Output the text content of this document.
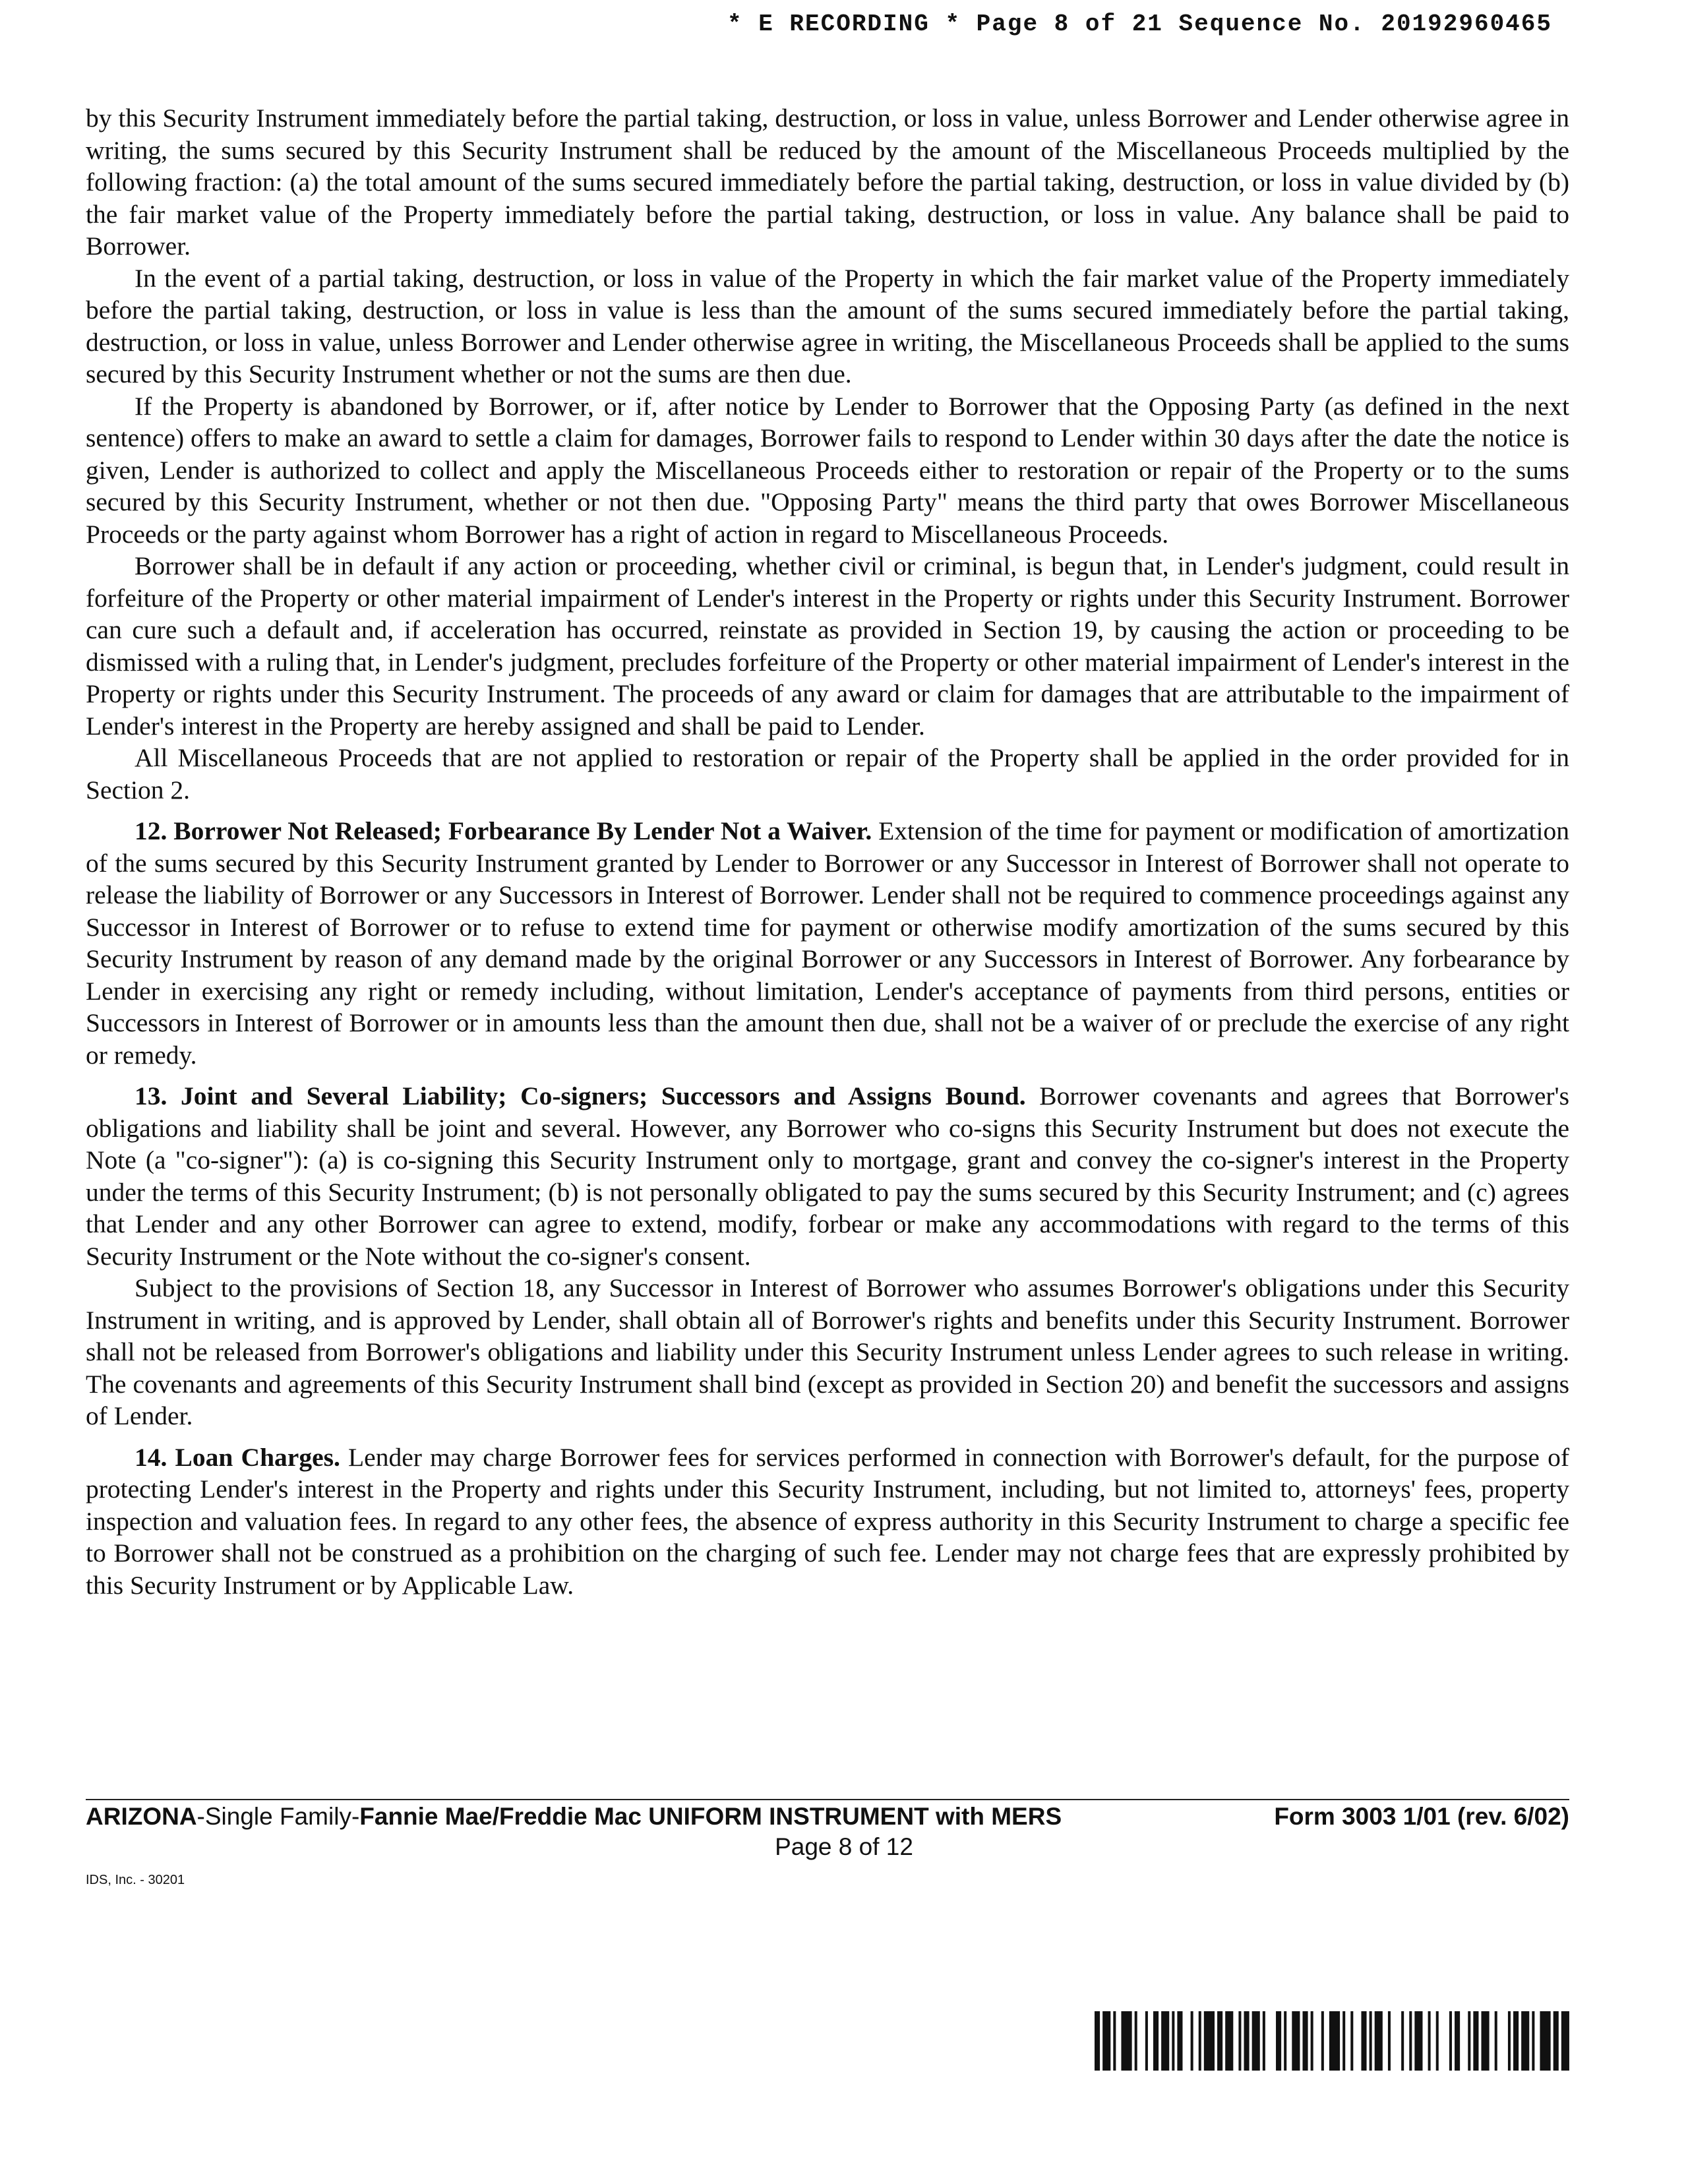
* E RECORDING * Page 8 of 21 Sequence No. 20192960465

by this Security Instrument immediately before the partial taking, destruction, or loss in value, unless Borrower and Lender otherwise agree in writing, the sums secured by this Security Instrument shall be reduced by the amount of the Miscellaneous Proceeds multiplied by the following fraction: (a) the total amount of the sums secured immediately before the partial taking, destruction, or loss in value divided by (b) the fair market value of the Property immediately before the partial taking, destruction, or loss in value. Any balance shall be paid to Borrower.

In the event of a partial taking, destruction, or loss in value of the Property in which the fair market value of the Property immediately before the partial taking, destruction, or loss in value is less than the amount of the sums secured immediately before the partial taking, destruction, or loss in value, unless Borrower and Lender otherwise agree in writing, the Miscellaneous Proceeds shall be applied to the sums secured by this Security Instrument whether or not the sums are then due.

If the Property is abandoned by Borrower, or if, after notice by Lender to Borrower that the Opposing Party (as defined in the next sentence) offers to make an award to settle a claim for damages, Borrower fails to respond to Lender within 30 days after the date the notice is given, Lender is authorized to collect and apply the Miscellaneous Proceeds either to restoration or repair of the Property or to the sums secured by this Security Instrument, whether or not then due. "Opposing Party" means the third party that owes Borrower Miscellaneous Proceeds or the party against whom Borrower has a right of action in regard to Miscellaneous Proceeds.

Borrower shall be in default if any action or proceeding, whether civil or criminal, is begun that, in Lender's judgment, could result in forfeiture of the Property or other material impairment of Lender's interest in the Property or rights under this Security Instrument. Borrower can cure such a default and, if acceleration has occurred, reinstate as provided in Section 19, by causing the action or proceeding to be dismissed with a ruling that, in Lender's judgment, precludes forfeiture of the Property or other material impairment of Lender's interest in the Property or rights under this Security Instrument. The proceeds of any award or claim for damages that are attributable to the impairment of Lender's interest in the Property are hereby assigned and shall be paid to Lender.

All Miscellaneous Proceeds that are not applied to restoration or repair of the Property shall be applied in the order provided for in Section 2.

12. Borrower Not Released; Forbearance By Lender Not a Waiver. Extension of the time for payment or modification of amortization of the sums secured by this Security Instrument granted by Lender to Borrower or any Successor in Interest of Borrower shall not operate to release the liability of Borrower or any Successors in Interest of Borrower. Lender shall not be required to commence proceedings against any Successor in Interest of Borrower or to refuse to extend time for payment or otherwise modify amortization of the sums secured by this Security Instrument by reason of any demand made by the original Borrower or any Successors in Interest of Borrower. Any forbearance by Lender in exercising any right or remedy including, without limitation, Lender's acceptance of payments from third persons, entities or Successors in Interest of Borrower or in amounts less than the amount then due, shall not be a waiver of or preclude the exercise of any right or remedy.

13. Joint and Several Liability; Co-signers; Successors and Assigns Bound. Borrower covenants and agrees that Borrower's obligations and liability shall be joint and several. However, any Borrower who co-signs this Security Instrument but does not execute the Note (a "co-signer"): (a) is co-signing this Security Instrument only to mortgage, grant and convey the co-signer's interest in the Property under the terms of this Security Instrument; (b) is not personally obligated to pay the sums secured by this Security Instrument; and (c) agrees that Lender and any other Borrower can agree to extend, modify, forbear or make any accommodations with regard to the terms of this Security Instrument or the Note without the co-signer's consent.

Subject to the provisions of Section 18, any Successor in Interest of Borrower who assumes Borrower's obligations under this Security Instrument in writing, and is approved by Lender, shall obtain all of Borrower's rights and benefits under this Security Instrument. Borrower shall not be released from Borrower's obligations and liability under this Security Instrument unless Lender agrees to such release in writing. The covenants and agreements of this Security Instrument shall bind (except as provided in Section 20) and benefit the successors and assigns of Lender.

14. Loan Charges. Lender may charge Borrower fees for services performed in connection with Borrower's default, for the purpose of protecting Lender's interest in the Property and rights under this Security Instrument, including, but not limited to, attorneys' fees, property inspection and valuation fees. In regard to any other fees, the absence of express authority in this Security Instrument to charge a specific fee to Borrower shall not be construed as a prohibition on the charging of such fee. Lender may not charge fees that are expressly prohibited by this Security Instrument or by Applicable Law.

ARIZONA-Single Family-Fannie Mae/Freddie Mac UNIFORM INSTRUMENT with MERS	Form 3003 1/01 (rev. 6/02)
Page 8 of 12
IDS, Inc. - 30201
